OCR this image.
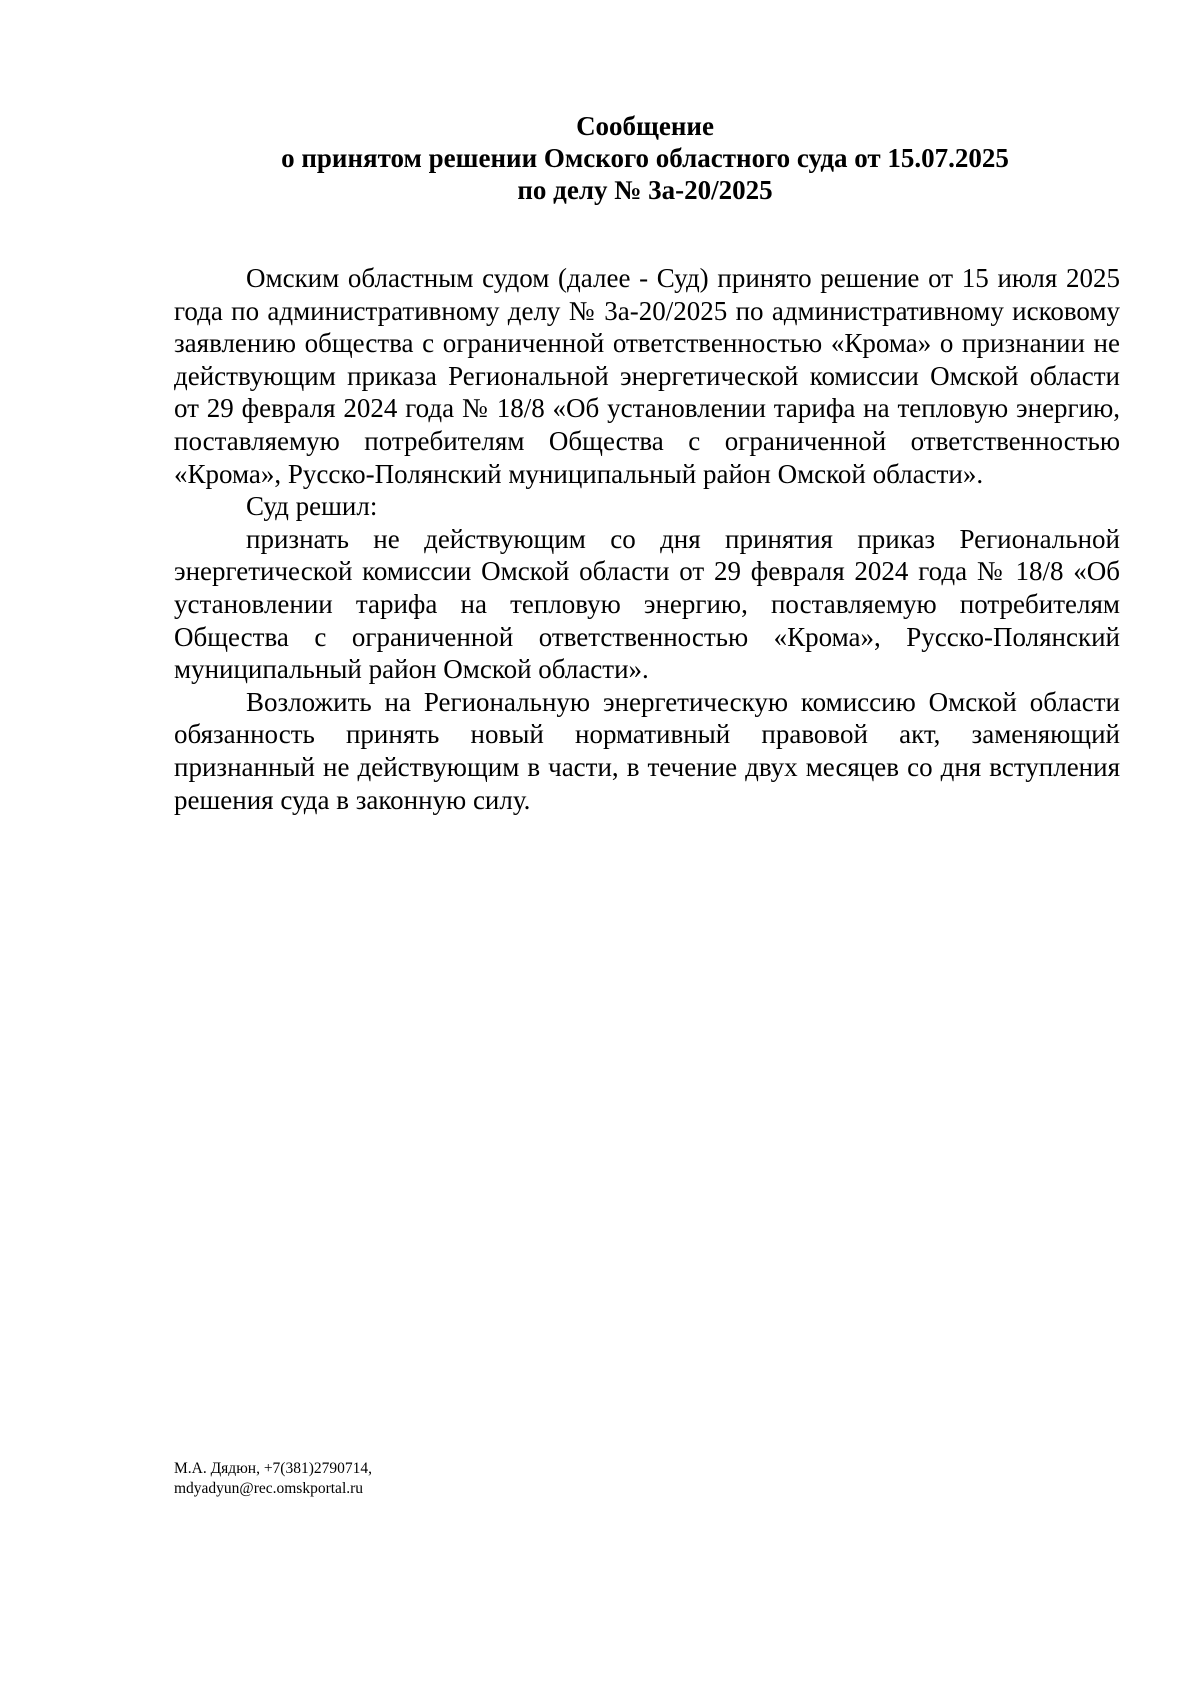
Сообщение
о принятом решении Омского областного суда от 15.07.2025
по делу № 3а-20/2025

Омским областным судом (далее - Суд) принято решение от 15 июля 2025 года по административному делу № 3а-20/2025 по административному исковому заявлению общества с ограниченной ответственностью «Крома» о признании не действующим приказа Региональной энергетической комиссии Омской области от 29 февраля 2024 года № 18/8 «Об установлении тарифа на тепловую энергию, поставляемую потребителям Общества с ограниченной ответственностью «Крома», Русско-Полянский муниципальный район Омской области».

Суд решил:

признать не действующим со дня принятия приказ Региональной энергетической комиссии Омской области от 29 февраля 2024 года № 18/8 «Об установлении тарифа на тепловую энергию, поставляемую потребителям Общества с ограниченной ответственностью «Крома», Русско-Полянский муниципальный район Омской области».

Возложить на Региональную энергетическую комиссию Омской области обязанность принять новый нормативный правовой акт, заменяющий признанный не действующим в части, в течение двух месяцев со дня вступления решения суда в законную силу.

М.А. Дядюн, +7(381)2790714,
mdyadyun@rec.omskportal.ru
